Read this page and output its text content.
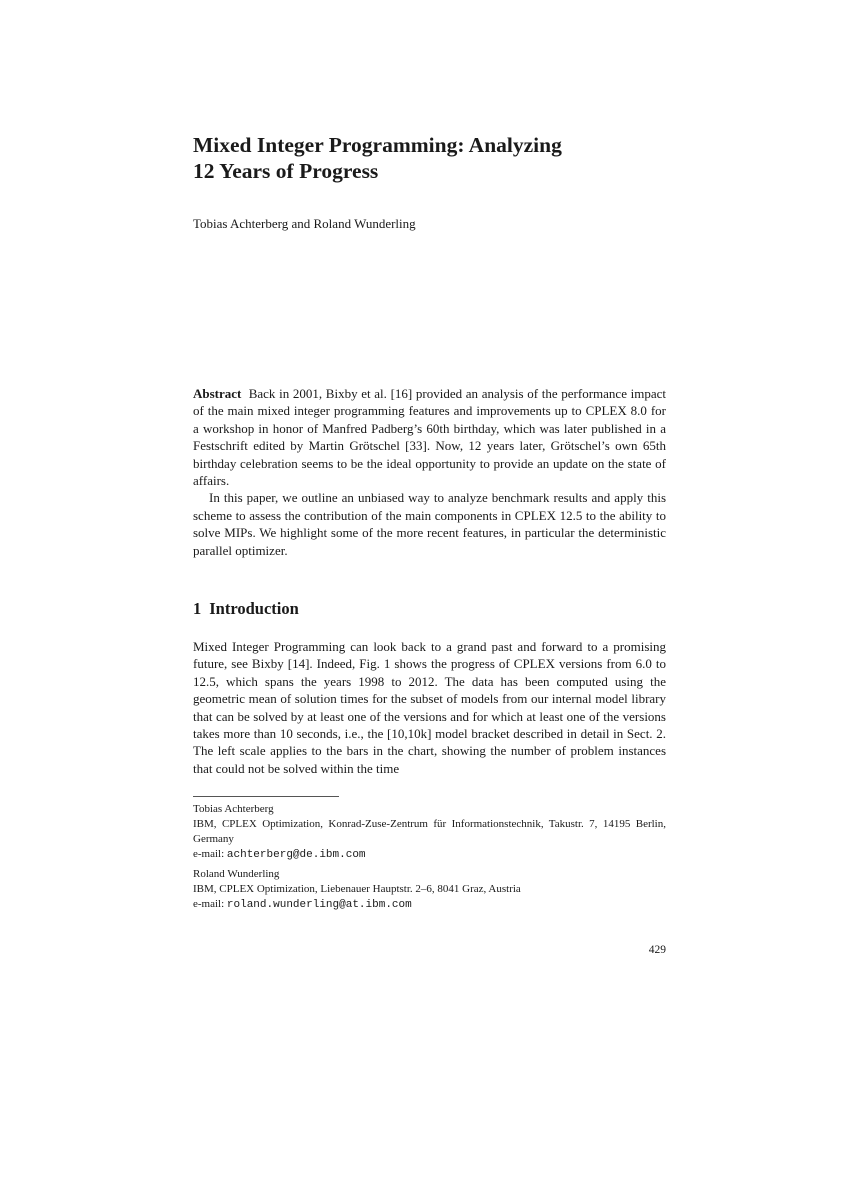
Mixed Integer Programming: Analyzing
12 Years of Progress
Tobias Achterberg and Roland Wunderling

Abstract Back in 2001, Bixby et al. [16] provided an analysis of the performance impact of the main mixed integer programming features and improvements up to CPLEX 8.0 for a workshop in honor of Manfred Padberg’s 60th birthday, which was later published in a Festschrift edited by Martin Grötschel [33]. Now, 12 years later, Grötschel’s own 65th birthday celebration seems to be the ideal opportunity to provide an update on the state of affairs.

In this paper, we outline an unbiased way to analyze benchmark results and apply this scheme to assess the contribution of the main components in CPLEX 12.5 to the ability to solve MIPs. We highlight some of the more recent features, in particular the deterministic parallel optimizer.

1 Introduction

Mixed Integer Programming can look back to a grand past and forward to a promising future, see Bixby [14]. Indeed, Fig. 1 shows the progress of CPLEX versions from 6.0 to 12.5, which spans the years 1998 to 2012. The data has been computed using the geometric mean of solution times for the subset of models from our internal model library that can be solved by at least one of the versions and for which at least one of the versions takes more than 10 seconds, i.e., the [10,10k] model bracket described in detail in Sect. 2. The left scale applies to the bars in the chart, showing the number of problem instances that could not be solved within the time

Tobias Achterberg
IBM, CPLEX Optimization, Konrad-Zuse-Zentrum für Informationstechnik, Takustr. 7, 14195 Berlin, Germany
e-mail: achterberg@de.ibm.com
Roland Wunderling
IBM, CPLEX Optimization, Liebenauer Hauptstr. 2–6, 8041 Graz, Austria
e-mail: roland.wunderling@at.ibm.com
429
